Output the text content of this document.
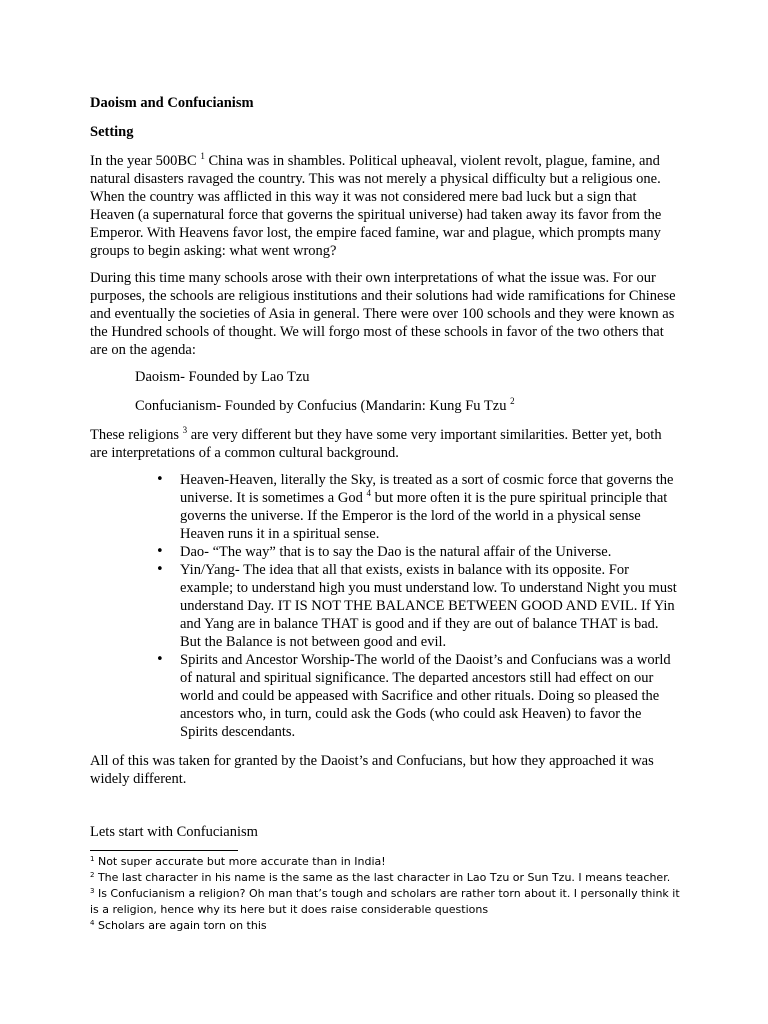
Daoism and Confucianism

Setting

In the year 500BC $^1$ China was in shambles. Political upheaval, violent revolt, plague, famine, and natural disasters ravaged the country. This was not merely a physical difficulty but a religious one. When the country was afflicted in this way it was not considered mere bad luck but a sign that Heaven (a supernatural force that governs the spiritual universe) had taken away its favor from the Emperor. With Heavens favor lost, the empire faced famine, war and plague, which prompts many groups to begin asking: what went wrong?

During this time many schools arose with their own interpretations of what the issue was. For our purposes, the schools are religious institutions and their solutions had wide ramifications for Chinese and eventually the societies of Asia in general. There were over 100 schools and they were known as the Hundred schools of thought. We will forgo most of these schools in favor of the two others that are on the agenda:

Daoism- Founded by Lao Tzu

Confucianism- Founded by Confucius (Mandarin: Kung Fu Tzu $^2$

These religions $^3$ are very different but they have some very important similarities. Better yet, both are interpretations of a common cultural background.

• Heaven-Heaven, literally the Sky, is treated as a sort of cosmic force that governs the universe. It is sometimes a God $^4$ but more often it is the pure spiritual principle that governs the universe. If the Emperor is the lord of the world in a physical sense Heaven runs it in a spiritual sense.
• Dao- “The way” that is to say the Dao is the natural affair of the Universe.
• Yin/Yang- The idea that all that exists, exists in balance with its opposite. For example; to understand high you must understand low. To understand Night you must understand Day. IT IS NOT THE BALANCE BETWEEN GOOD AND EVIL. If Yin and Yang are in balance THAT is good and if they are out of balance THAT is bad. But the Balance is not between good and evil.
• Spirits and Ancestor Worship-The world of the Daoist’s and Confucians was a world of natural and spiritual significance. The departed ancestors still had effect on our world and could be appeased with Sacrifice and other rituals. Doing so pleased the ancestors who, in turn, could ask the Gods (who could ask Heaven) to favor the Spirits descendants.

All of this was taken for granted by the Daoist’s and Confucians, but how they approached it was widely different.

Lets start with Confucianism

$^1$ Not super accurate but more accurate than in India!
$^2$ The last character in his name is the same as the last character in Lao Tzu or Sun Tzu. I means teacher.
$^3$ Is Confucianism a religion? Oh man that’s tough and scholars are rather torn about it. I personally think it is a religion, hence why its here but it does raise considerable questions
$^4$ Scholars are again torn on this
